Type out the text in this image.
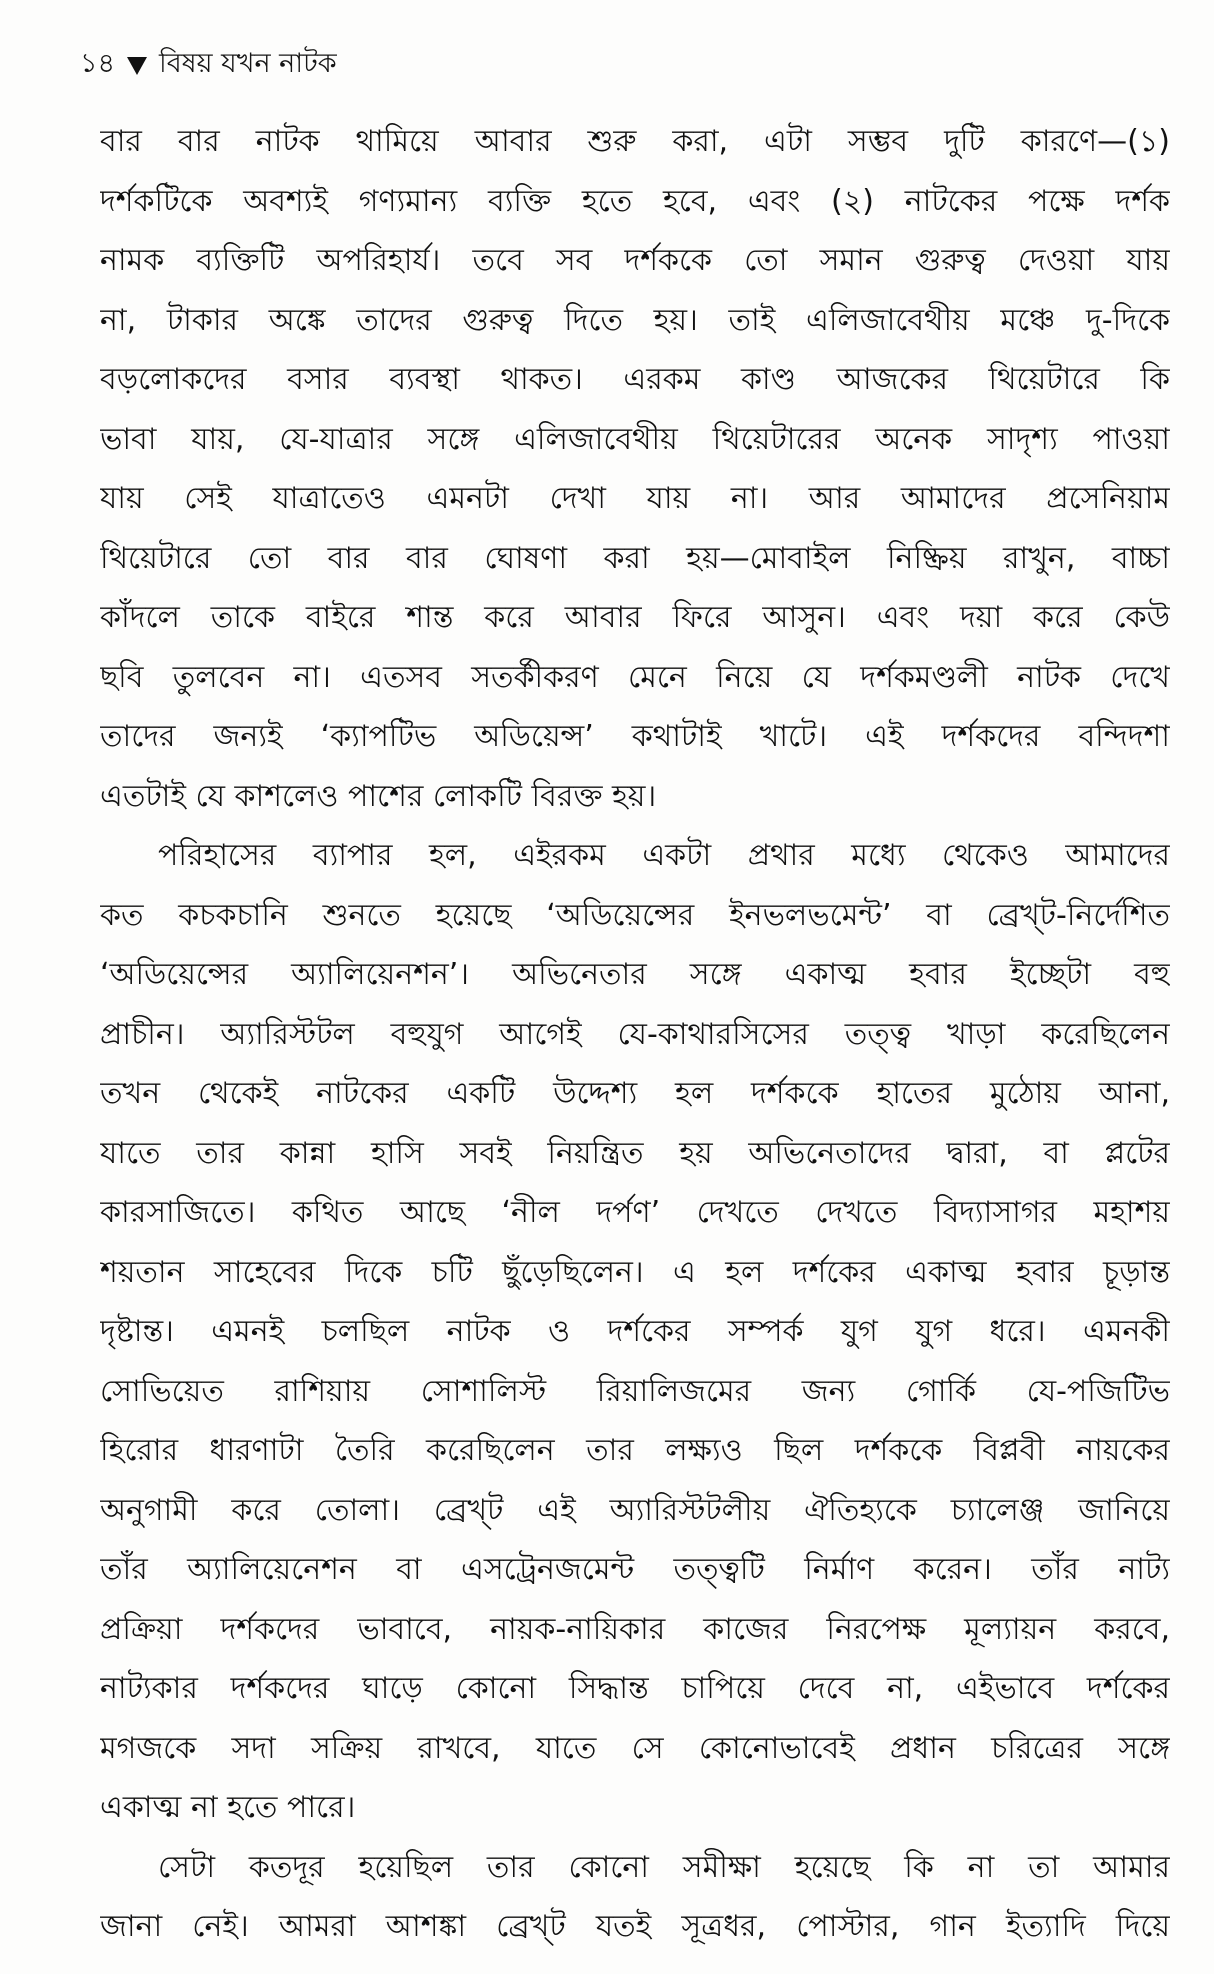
১৪ বিষয় যখন নাটক
বার বার নাটক থামিয়ে আবার শুরু করা, এটা সম্ভব দুটি কারণে—(১)
দর্শকটিকে অবশ্যই গণ্যমান্য ব্যক্তি হতে হবে, এবং (২) নাটকের পক্ষে দর্শক
নামক ব্যক্তিটি অপরিহার্য। তবে সব দর্শককে তো সমান গুরুত্ব দেওয়া যায়
না, টাকার অঙ্কে তাদের গুরুত্ব দিতে হয়। তাই এলিজাবেথীয় মঞ্চে দু-দিকে
বড়লোকদের বসার ব্যবস্থা থাকত। এরকম কাণ্ড আজকের থিয়েটারে কি
ভাবা যায়, যে-যাত্রার সঙ্গে এলিজাবেথীয় থিয়েটারের অনেক সাদৃশ্য পাওয়া
যায় সেই যাত্রাতেও এমনটা দেখা যায় না। আর আমাদের প্রসেনিয়াম
থিয়েটারে তো বার বার ঘোষণা করা হয়—মোবাইল নিষ্ক্রিয় রাখুন, বাচ্চা
কাঁদলে তাকে বাইরে শান্ত করে আবার ফিরে আসুন। এবং দয়া করে কেউ
ছবি তুলবেন না। এতসব সতর্কীকরণ মেনে নিয়ে যে দর্শকমণ্ডলী নাটক দেখে
তাদের জন্যই ‘ক্যাপটিভ অডিয়েন্স’ কথাটাই খাটে। এই দর্শকদের বন্দিদশা
এতটাই যে কাশলেও পাশের লোকটি বিরক্ত হয়।
পরিহাসের ব্যাপার হল, এইরকম একটা প্রথার মধ্যে থেকেও আমাদের
কত কচকচানি শুনতে হয়েছে ‘অডিয়েন্সের ইনভলভমেন্ট’ বা ব্রেখ্ট-নির্দেশিত
‘অডিয়েন্সের অ্যালিয়েনশন’। অভিনেতার সঙ্গে একাত্ম হবার ইচ্ছেটা বহু
প্রাচীন। অ্যারিস্টটল বহুযুগ আগেই যে-কাথারসিসের তত্ত্ব খাড়া করেছিলেন
তখন থেকেই নাটকের একটি উদ্দেশ্য হল দর্শককে হাতের মুঠোয় আনা,
যাতে তার কান্না হাসি সবই নিয়ন্ত্রিত হয় অভিনেতাদের দ্বারা, বা প্লটের
কারসাজিতে। কথিত আছে ‘নীল দর্পণ’ দেখতে দেখতে বিদ্যাসাগর মহাশয়
শয়তান সাহেবের দিকে চটি ছুঁড়েছিলেন। এ হল দর্শকের একাত্ম হবার চূড়ান্ত
দৃষ্টান্ত। এমনই চলছিল নাটক ও দর্শকের সম্পর্ক যুগ যুগ ধরে। এমনকী
সোভিয়েত রাশিয়ায় সোশালিস্ট রিয়ালিজমের জন্য গোর্কি যে-পজিটিভ
হিরোর ধারণাটা তৈরি করেছিলেন তার লক্ষ্যও ছিল দর্শককে বিপ্লবী নায়কের
অনুগামী করে তোলা। ব্রেখ্ট এই অ্যারিস্টটলীয় ঐতিহ্যকে চ্যালেঞ্জ জানিয়ে
তাঁর অ্যালিয়েনেশন বা এসট্রেনজমেন্ট তত্ত্বটি নির্মাণ করেন। তাঁর নাট্য
প্রক্রিয়া দর্শকদের ভাবাবে, নায়ক-নায়িকার কাজের নিরপেক্ষ মূল্যায়ন করবে,
নাট্যকার দর্শকদের ঘাড়ে কোনো সিদ্ধান্ত চাপিয়ে দেবে না, এইভাবে দর্শকের
মগজকে সদা সক্রিয় রাখবে, যাতে সে কোনোভাবেই প্রধান চরিত্রের সঙ্গে
একাত্ম না হতে পারে।
সেটা কতদূর হয়েছিল তার কোনো সমীক্ষা হয়েছে কি না তা আমার
জানা নেই। আমরা আশঙ্কা ব্রেখ্ট যতই সূত্রধর, পোস্টার, গান ইত্যাদি দিয়ে
